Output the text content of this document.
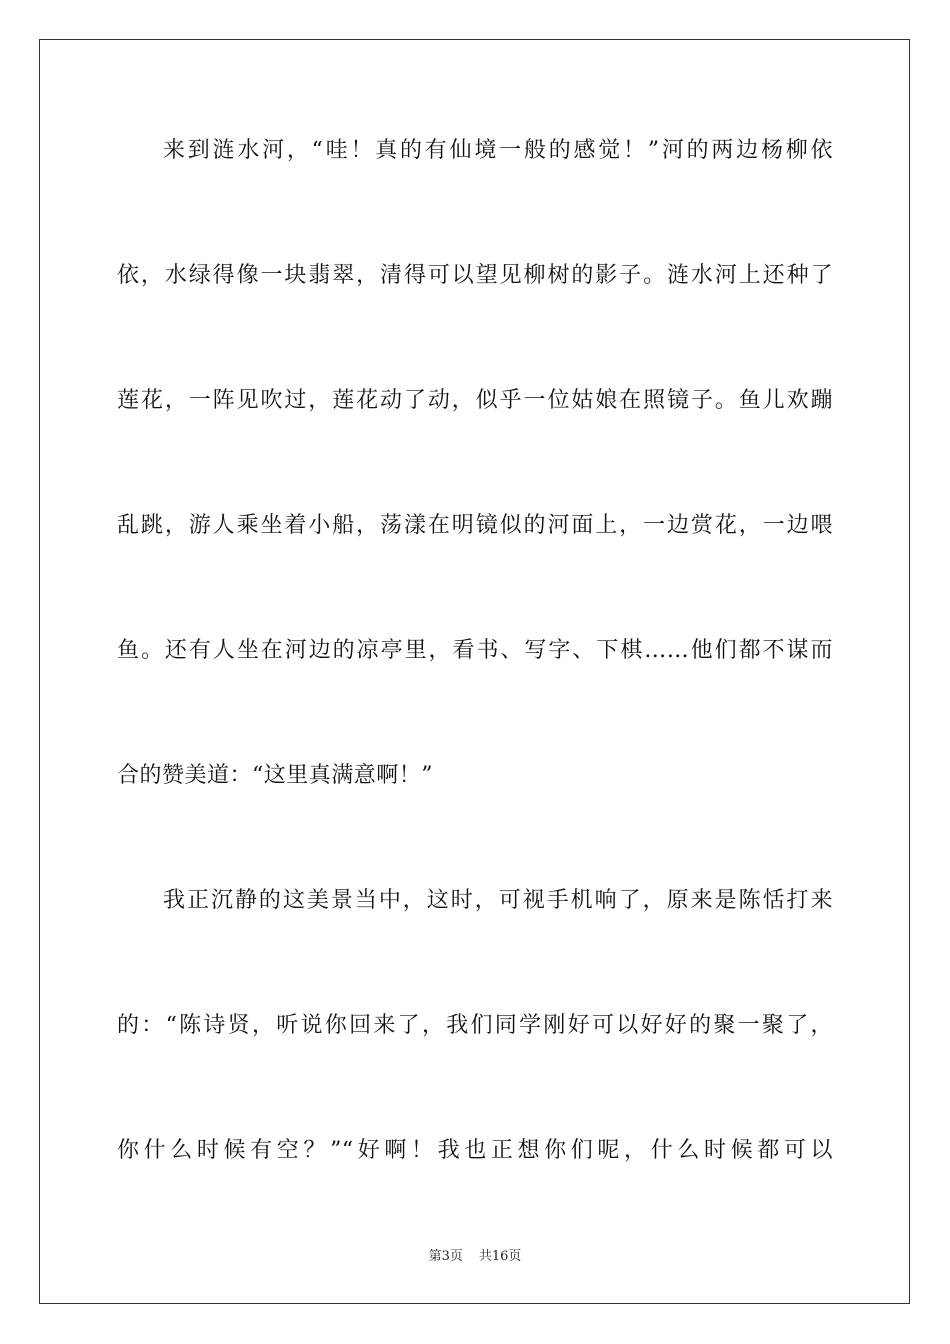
来到涟水河，“哇！真的有仙境一般的感觉！”河的两边杨柳依
依，水绿得像一块翡翠，清得可以望见柳树的影子。涟水河上还种了
莲花，一阵见吹过，莲花动了动，似乎一位姑娘在照镜子。鱼儿欢蹦
乱跳，游人乘坐着小船，荡漾在明镜似的河面上，一边赏花，一边喂
鱼。还有人坐在河边的凉亭里，看书、写字、下棋……他们都不谋而
合的赞美道：“这里真满意啊！”
我正沉静的这美景当中，这时，可视手机响了，原来是陈恬打来
的：“陈诗贤，听说你回来了，我们同学刚好可以好好的聚一聚了，
你什么时候有空？”“好啊！我也正想你们呢，什么时候都可以
第3页 共16页
